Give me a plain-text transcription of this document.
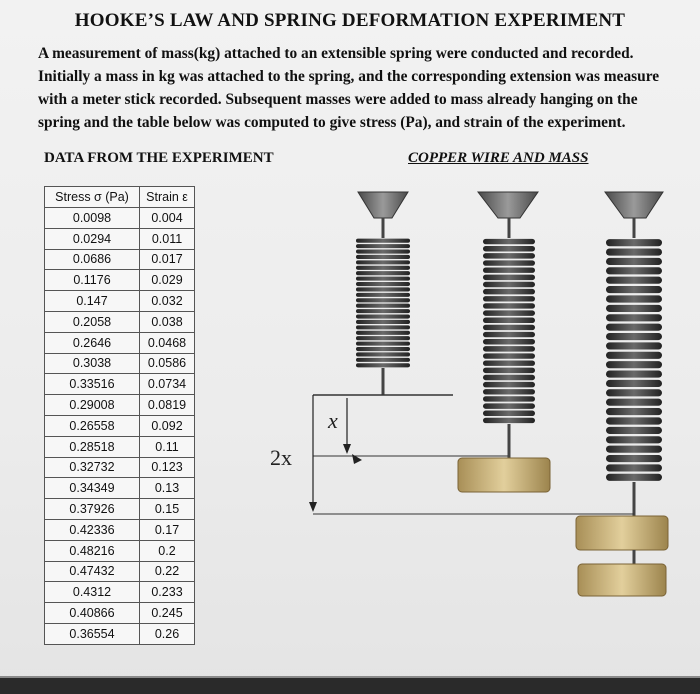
HOOKE’S LAW AND SPRING DEFORMATION EXPERIMENT
A measurement of mass(kg) attached to an extensible spring were conducted and recorded.
Initially a mass in kg was attached to the spring, and the corresponding extension was measure
with a meter stick recorded. Subsequent masses were added to mass already hanging on the
spring and the table below was computed to give stress (Pa), and strain of the experiment.
DATA FROM THE EXPERIMENT	COPPER WIRE AND MASS
Stress σ (Pa)	Strain ε
0.0098	0.004
0.0294	0.011
0.0686	0.017
0.1176	0.029
0.147	0.032
0.2058	0.038
0.2646	0.0468
0.3038	0.0586
0.33516	0.0734
0.29008	0.0819
0.26558	0.092
0.28518	0.11
0.32732	0.123
0.34349	0.13
0.37926	0.15
0.42336	0.17
0.48216	0.2
0.47432	0.22
0.4312	0.233
0.40866	0.245
0.36554	0.26
x
2x
